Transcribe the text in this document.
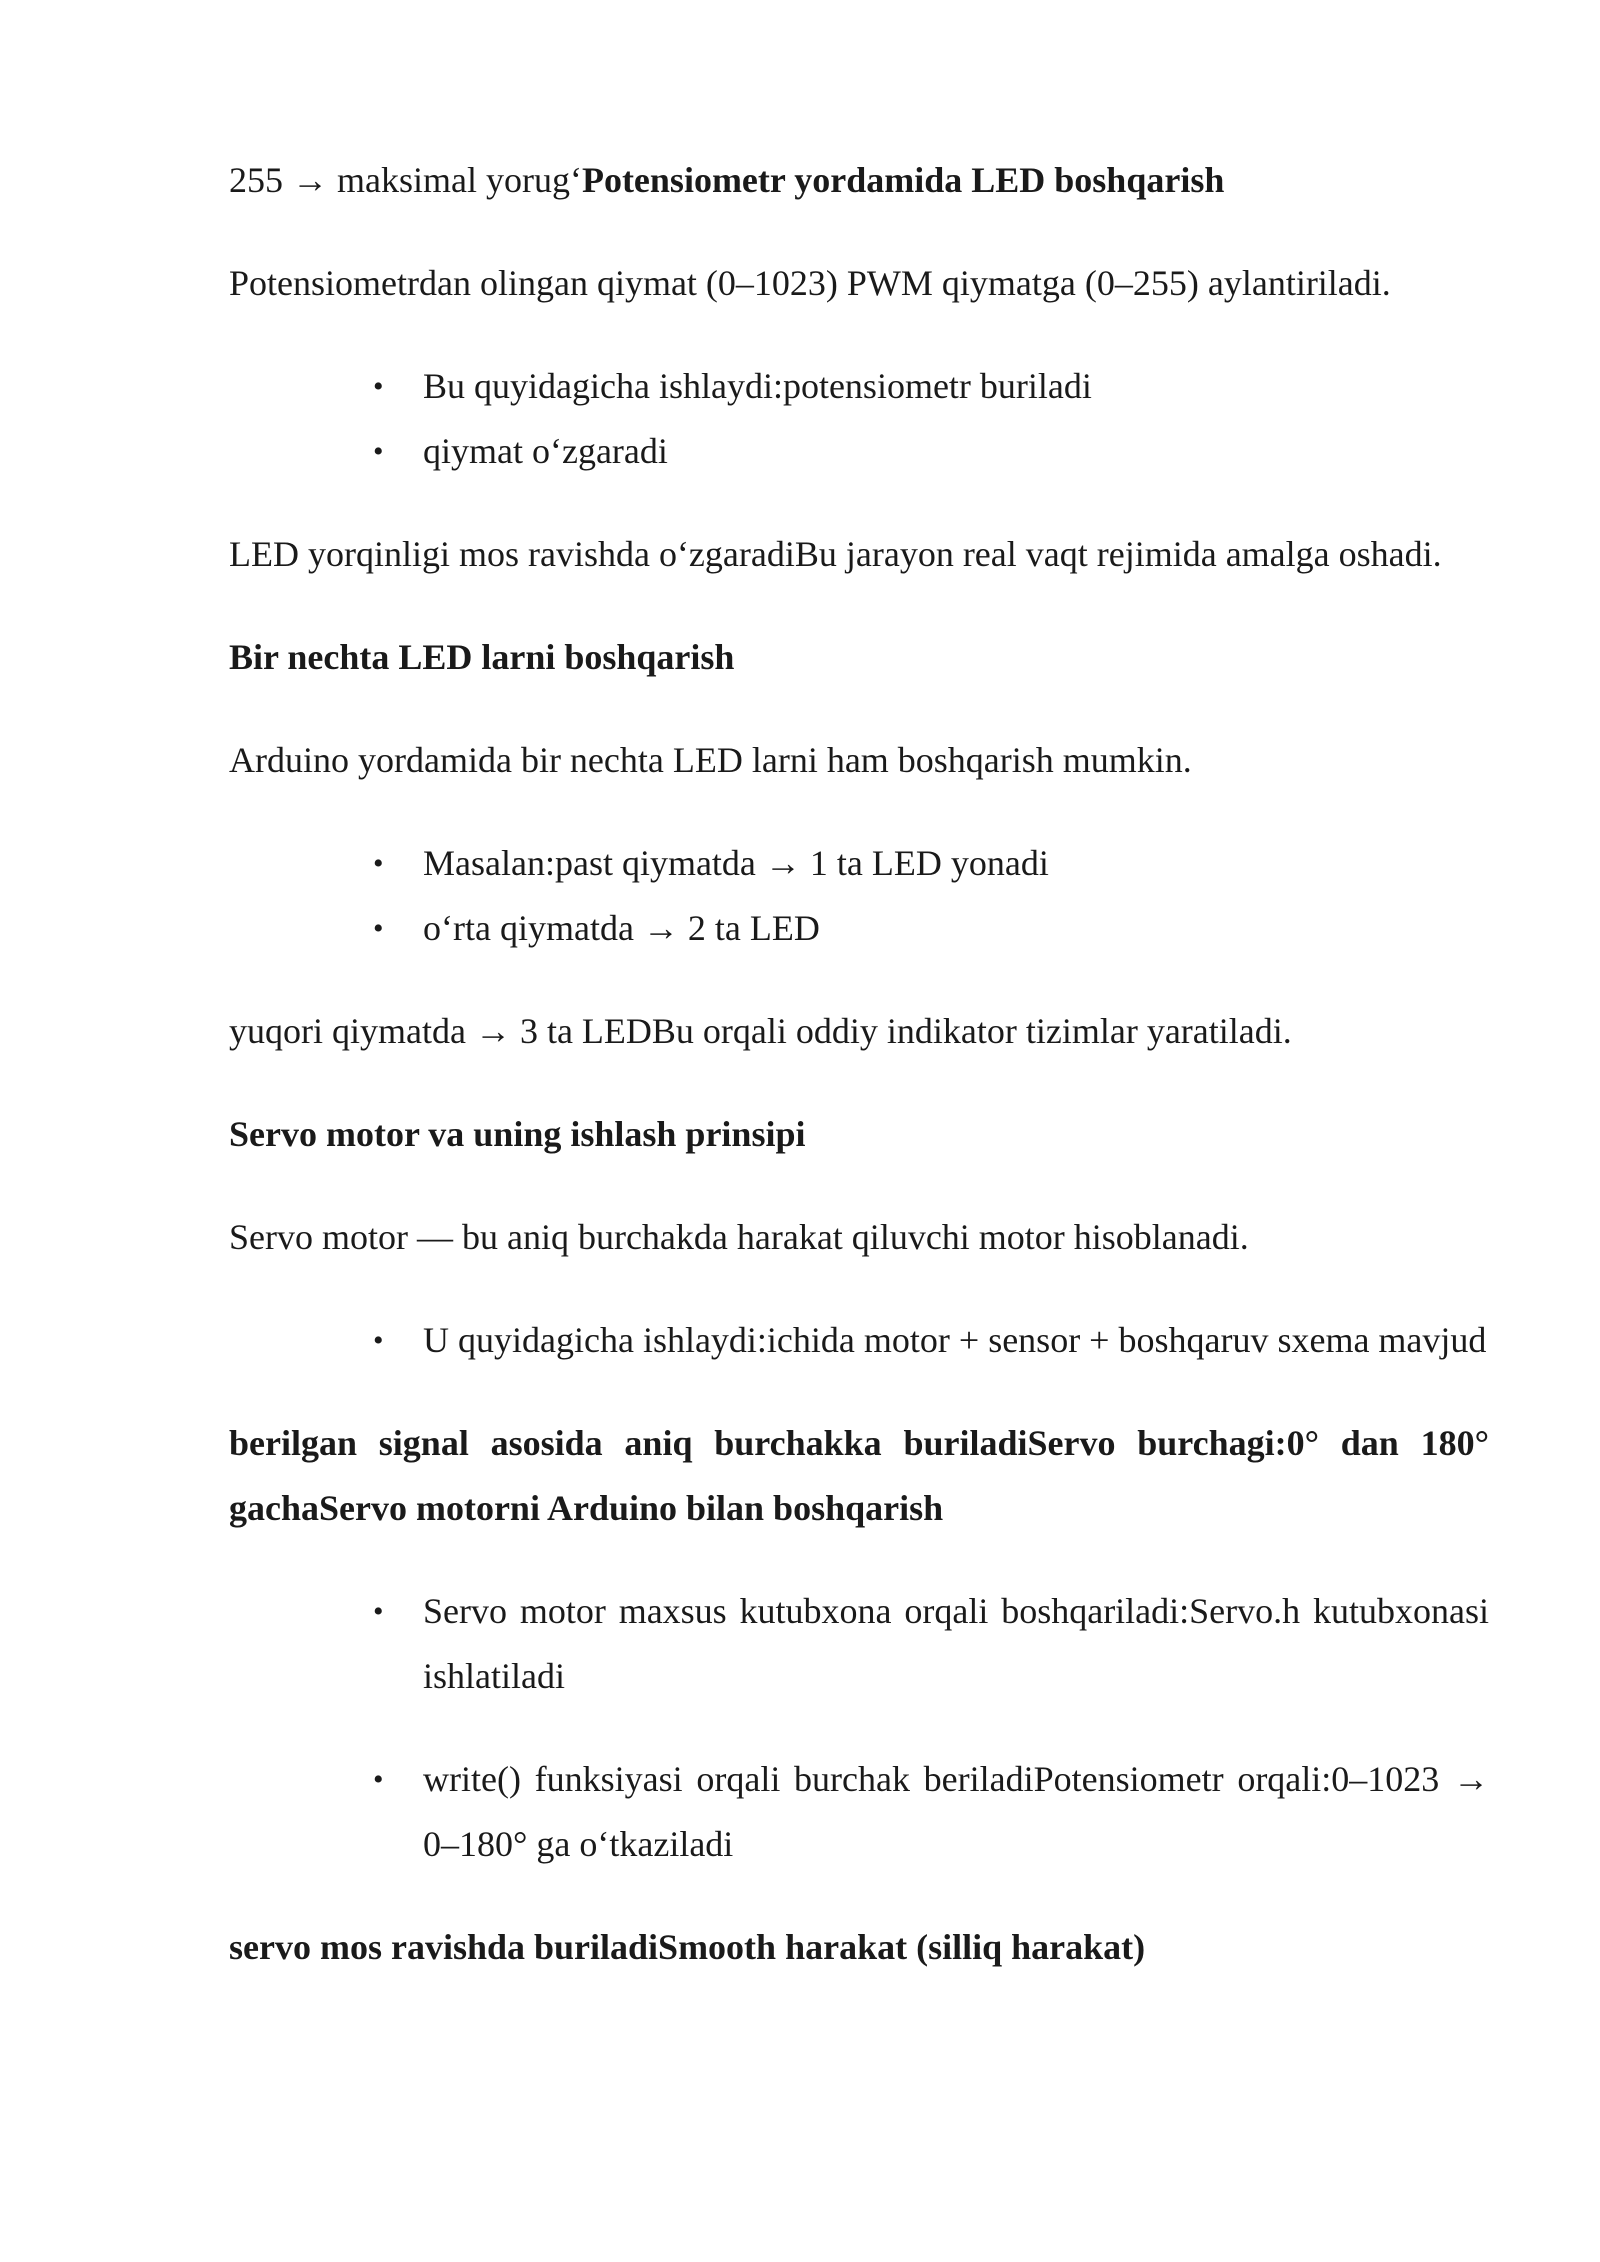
255 → maksimal yorug‘Potensiometr yordamida LED boshqarish

Potensiometrdan olingan qiymat (0–1023) PWM qiymatga (0–255) aylantiriladi.

• Bu quyidagicha ishlaydi:potensiometr buriladi
• qiymat o‘zgaradi

LED yorqinligi mos ravishda o‘zgaradiBu jarayon real vaqt rejimida amalga oshadi.

Bir nechta LED larni boshqarish

Arduino yordamida bir nechta LED larni ham boshqarish mumkin.

• Masalan:past qiymatda → 1 ta LED yonadi
• o‘rta qiymatda → 2 ta LED

yuqori qiymatda → 3 ta LEDBu orqali oddiy indikator tizimlar yaratiladi.

Servo motor va uning ishlash prinsipi

Servo motor — bu aniq burchakda harakat qiluvchi motor hisoblanadi.

• U quyidagicha ishlaydi:ichida motor + sensor + boshqaruv sxema mavjud

berilgan signal asosida aniq burchakka buriladiServo burchagi:0° dan 180° gachaServo motorni Arduino bilan boshqarish

• Servo motor maxsus kutubxona orqali boshqariladi:Servo.h kutubxonasi ishlatiladi
• write() funksiyasi orqali burchak beriladiPotensiometr orqali:0–1023 → 0–180° ga o‘tkaziladi

servo mos ravishda buriladiSmooth harakat (silliq harakat)
